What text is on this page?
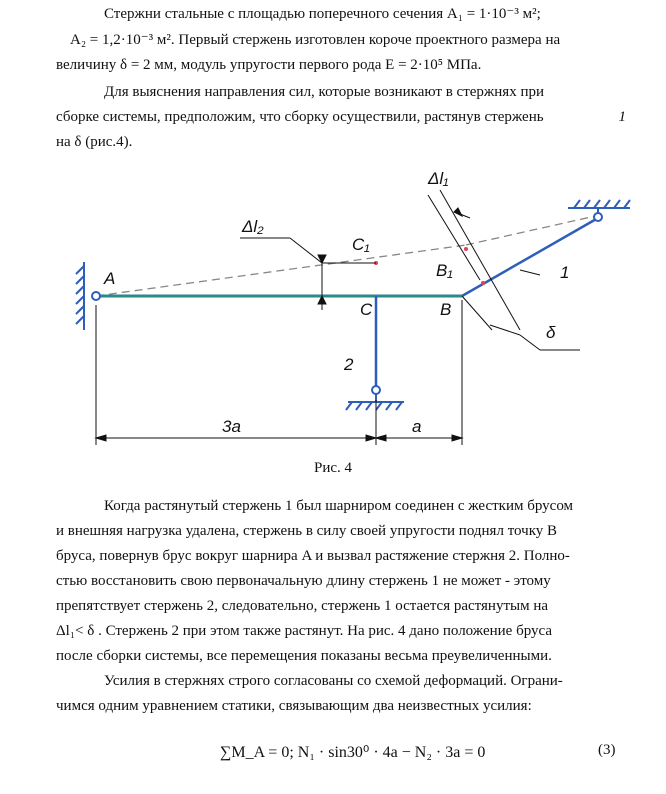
Стержни стальные с площадью поперечного сечения A₁ = 1·10⁻³ м²;

A₂ = 1,2·10⁻³ м². Первый стержень изготовлен короче проектного размера на

величину δ = 2 мм, модуль упругости первого рода E = 2·10⁵ МПа.

Для выяснения направления сил, которые возникают в стержнях при

сборке системы, предположим, что сборку осуществили, растянув стержень	1

на δ (рис.4).

A
B
C
C₁
B₁
Δl₁
Δl₂
δ
1
2
3a	a
Рис. 4

Когда растянутый стержень 1 был шарниром соединен с жестким брусом

и внешняя нагрузка удалена, стержень в силу своей упругости поднял точку B

бруса, повернув брус вокруг шарнира A и вызвал растяжение стержня 2. Полно-

стью восстановить свою первоначальную длину стержень 1 не может - этому

препятствует стержень 2, следовательно, стержень 1 остается растянутым на

Δl₁< δ . Стержень 2 при этом также растянут. На рис. 4 дано положение бруса

после сборки системы, все перемещения показаны весьма преувеличенными.

Усилия в стержнях строго согласованы со схемой деформаций. Ограни-

чимся одним уравнением статики, связывающим два неизвестных усилия:

∑M_A = 0; N₁ · sin30⁰ · 4a − N₂ · 3a = 0	(3)
